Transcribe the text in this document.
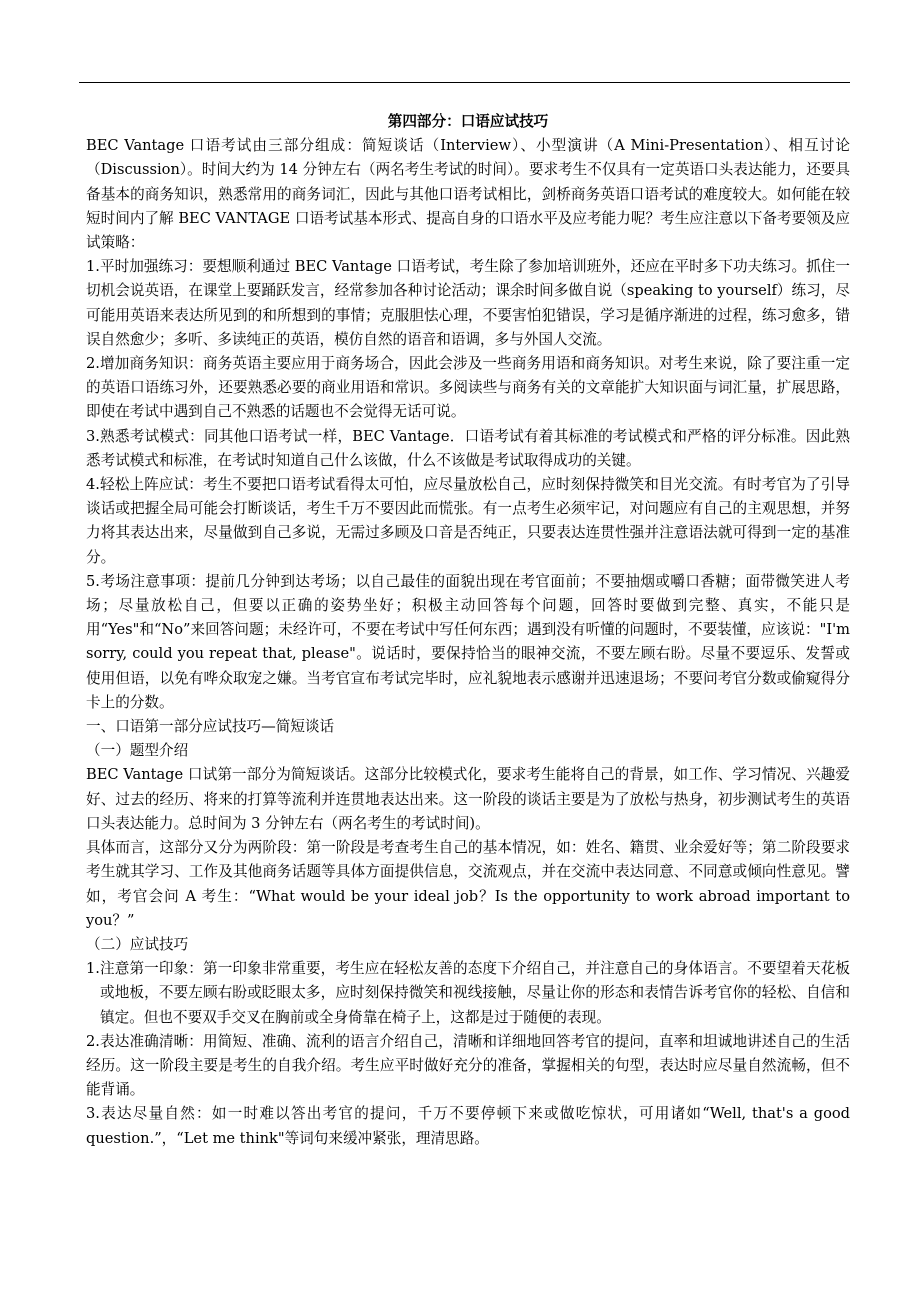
第四部分：口语应试技巧

BEC Vantage 口语考试由三部分组成：简短谈话（Interview）、小型演讲（A Mini-Presentation）、相互讨论（Discussion）。时间大约为 14 分钟左右（两名考生考试的时间）。要求考生不仅具有一定英语口头表达能力，还要具备基本的商务知识，熟悉常用的商务词汇，因此与其他口语考试相比，剑桥商务英语口语考试的难度较大。如何能在较短时间内了解 BEC VANTAGE 口语考试基本形式、提高自身的口语水平及应考能力呢？考生应注意以下备考要领及应试策略：

1.平时加强练习：要想顺利通过 BEC Vantage 口语考试，考生除了参加培训班外，还应在平时多下功夫练习。抓住一切机会说英语，在课堂上要踊跃发言，经常参加各种讨论活动；课余时间多做自说（speaking to yourself）练习，尽可能用英语来表达所见到的和所想到的事情；克服胆怯心理，不要害怕犯错误，学习是循序渐进的过程，练习愈多，错误自然愈少；多听、多读纯正的英语，模仿自然的语音和语调，多与外国人交流。

2.增加商务知识：商务英语主要应用于商务场合，因此会涉及一些商务用语和商务知识。对考生来说，除了要注重一定的英语口语练习外，还要熟悉必要的商业用语和常识。多阅读些与商务有关的文章能扩大知识面与词汇量，扩展思路，即使在考试中遇到自己不熟悉的话题也不会觉得无话可说。

3.熟悉考试模式：同其他口语考试一样，BEC Vantage．口语考试有着其标准的考试模式和严格的评分标准。因此熟悉考试模式和标准，在考试时知道自己什么该做，什么不该做是考试取得成功的关键。

4.轻松上阵应试：考生不要把口语考试看得太可怕，应尽量放松自己，应时刻保持微笑和目光交流。有时考官为了引导谈话或把握全局可能会打断谈话，考生千万不要因此而慌张。有一点考生必须牢记，对问题应有自己的主观思想，并努力将其表达出来，尽量做到自己多说，无需过多顾及口音是否纯正，只要表达连贯性强并注意语法就可得到一定的基准分。

5.考场注意事项：提前几分钟到达考场；以自己最佳的面貌出现在考官面前；不要抽烟或嚼口香糖；面带微笑进人考场；尽量放松自己，但要以正确的姿势坐好；积极主动回答每个问题，回答时要做到完整、真实，不能只是用“Yes"和“No”来回答问题；未经许可，不要在考试中写任何东西；遇到没有听懂的问题时，不要装懂，应该说："I'm sorry, could you repeat that, please"。说话时，要保持恰当的眼神交流，不要左顾右盼。尽量不要逗乐、发誓或使用但语，以免有哗众取宠之嫌。当考官宣布考试完毕时，应礼貌地表示感谢并迅速退场；不要问考官分数或偷窥得分卡上的分数。

一、口语第一部分应试技巧—简短谈话

（一）题型介绍

BEC Vantage 口试第一部分为简短谈话。这部分比较模式化，要求考生能将自己的背景，如工作、学习情况、兴趣爱好、过去的经历、将来的打算等流利并连贯地表达出来。这一阶段的谈话主要是为了放松与热身，初步测试考生的英语口头表达能力。总时间为 3 分钟左右（两名考生的考试时间)。

具体而言，这部分又分为两阶段：第一阶段是考查考生自己的基本情况，如：姓名、籍贯、业余爱好等；第二阶段要求考生就其学习、工作及其他商务话题等具体方面提供信息，交流观点，并在交流中表达同意、不同意或倾向性意见。譬如，考官会问 A 考生：“What would be your ideal job？Is the opportunity to work abroad important to you？”

（二）应试技巧

1.注意第一印象：第一印象非常重要，考生应在轻松友善的态度下介绍自己，并注意自己的身体语言。不要望着天花板或地板，不要左顾右盼或眨眼太多，应时刻保持微笑和视线接触，尽量让你的形态和表情告诉考官你的轻松、自信和镇定。但也不要双手交叉在胸前或全身倚靠在椅子上，这都是过于随便的表现。

2.表达准确清晰：用简短、准确、流利的语言介绍自己，清晰和详细地回答考官的提问，直率和坦诚地讲述自己的生活经历。这一阶段主要是考生的自我介绍。考生应平时做好充分的准备，掌握相关的句型，表达时应尽量自然流畅，但不能背诵。

3.表达尽量自然：如一时难以答出考官的提问，千万不要停顿下来或做吃惊状，可用诸如“Well, that's a good question.”，“Let me think"等词句来缓冲紧张，理清思路。
